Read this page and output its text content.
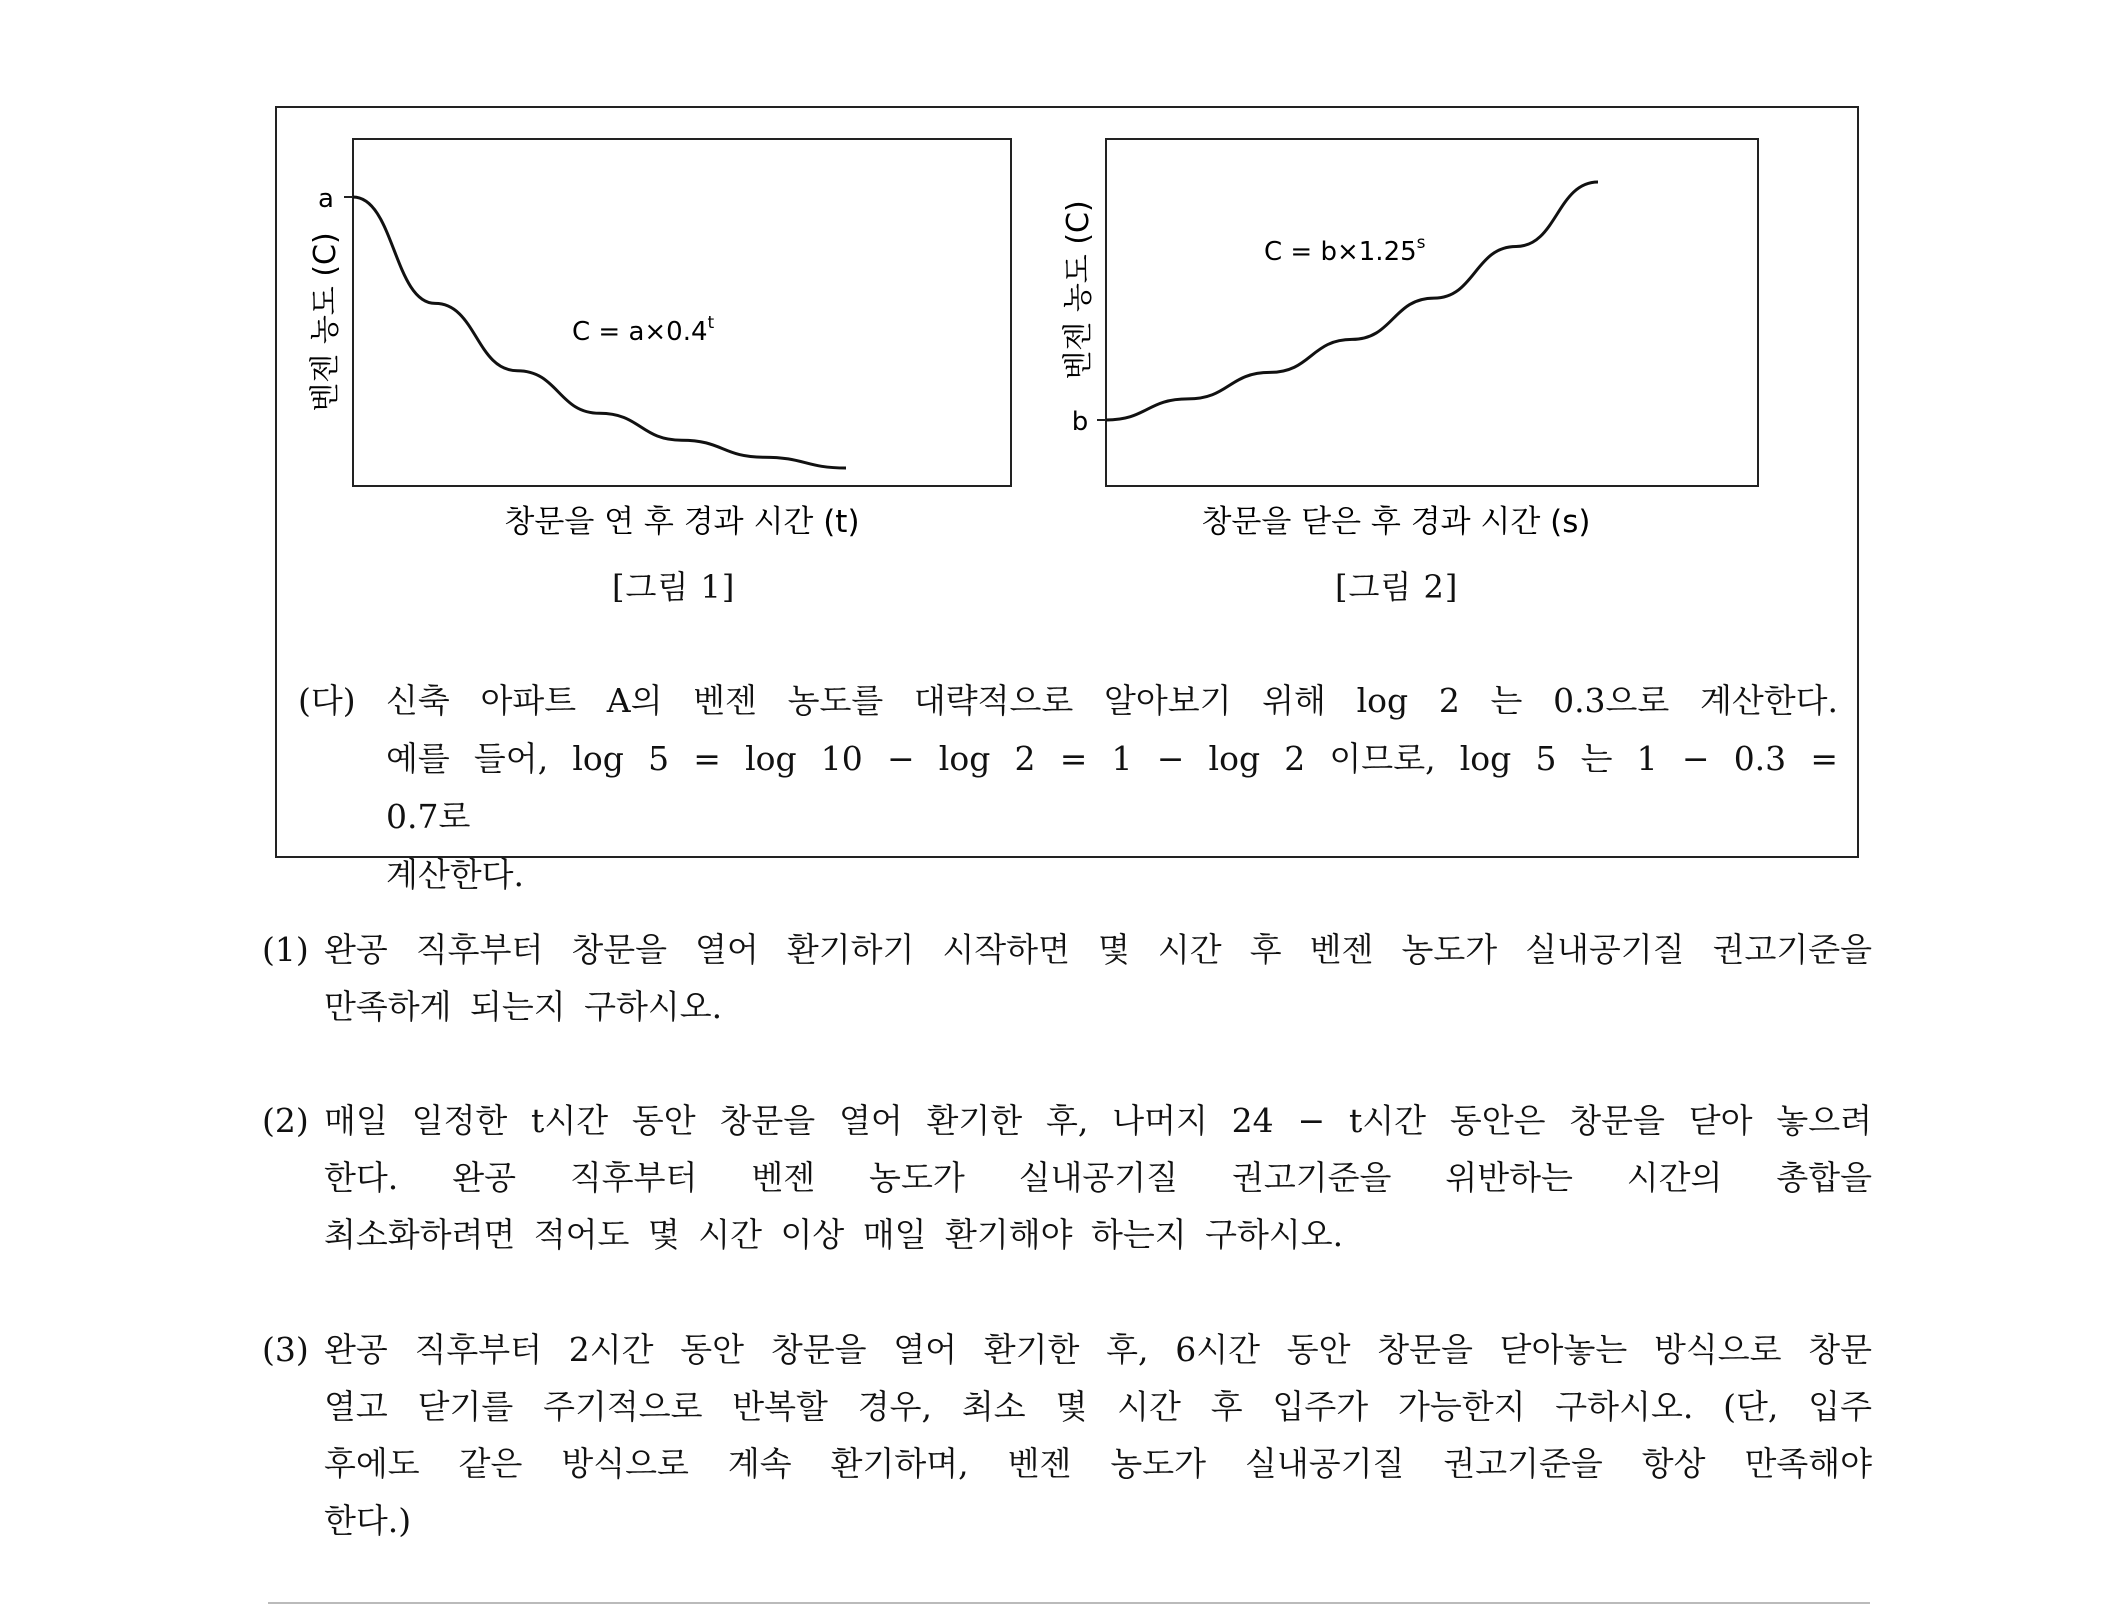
a
벤젠 농도 (C)	$C = a\times 0.4^t$
창문을 연 후 경과 시간 (t)
b
벤젠 농도 (C)	$C = b\times 1.25^s$
창문을 닫은 후 경과 시간 (s)
[그림 1]	[그림 2]
(다) 신축 아파트 A의 벤젠 농도를 대략적으로 알아보기 위해 log 2 는 0.3으로 계산한다.
예를 들어, log 5 = log 10 − log 2 = 1 − log 2 이므로, log 5 는 1 − 0.3 = 0.7로
계산한다.
(1) 완공 직후부터 창문을 열어 환기하기 시작하면 몇 시간 후 벤젠 농도가 실내공기질 권고기준을
만족하게 되는지 구하시오.
(2) 매일 일정한 t시간 동안 창문을 열어 환기한 후, 나머지 24 − t시간 동안은 창문을 닫아 놓으려
한다. 완공 직후부터 벤젠 농도가 실내공기질 권고기준을 위반하는 시간의 총합을
최소화하려면 적어도 몇 시간 이상 매일 환기해야 하는지 구하시오.
(3) 완공 직후부터 2시간 동안 창문을 열어 환기한 후, 6시간 동안 창문을 닫아놓는 방식으로 창문
열고 닫기를 주기적으로 반복할 경우, 최소 몇 시간 후 입주가 가능한지 구하시오. (단, 입주
후에도 같은 방식으로 계속 환기하며, 벤젠 농도가 실내공기질 권고기준을 항상 만족해야
한다.)
